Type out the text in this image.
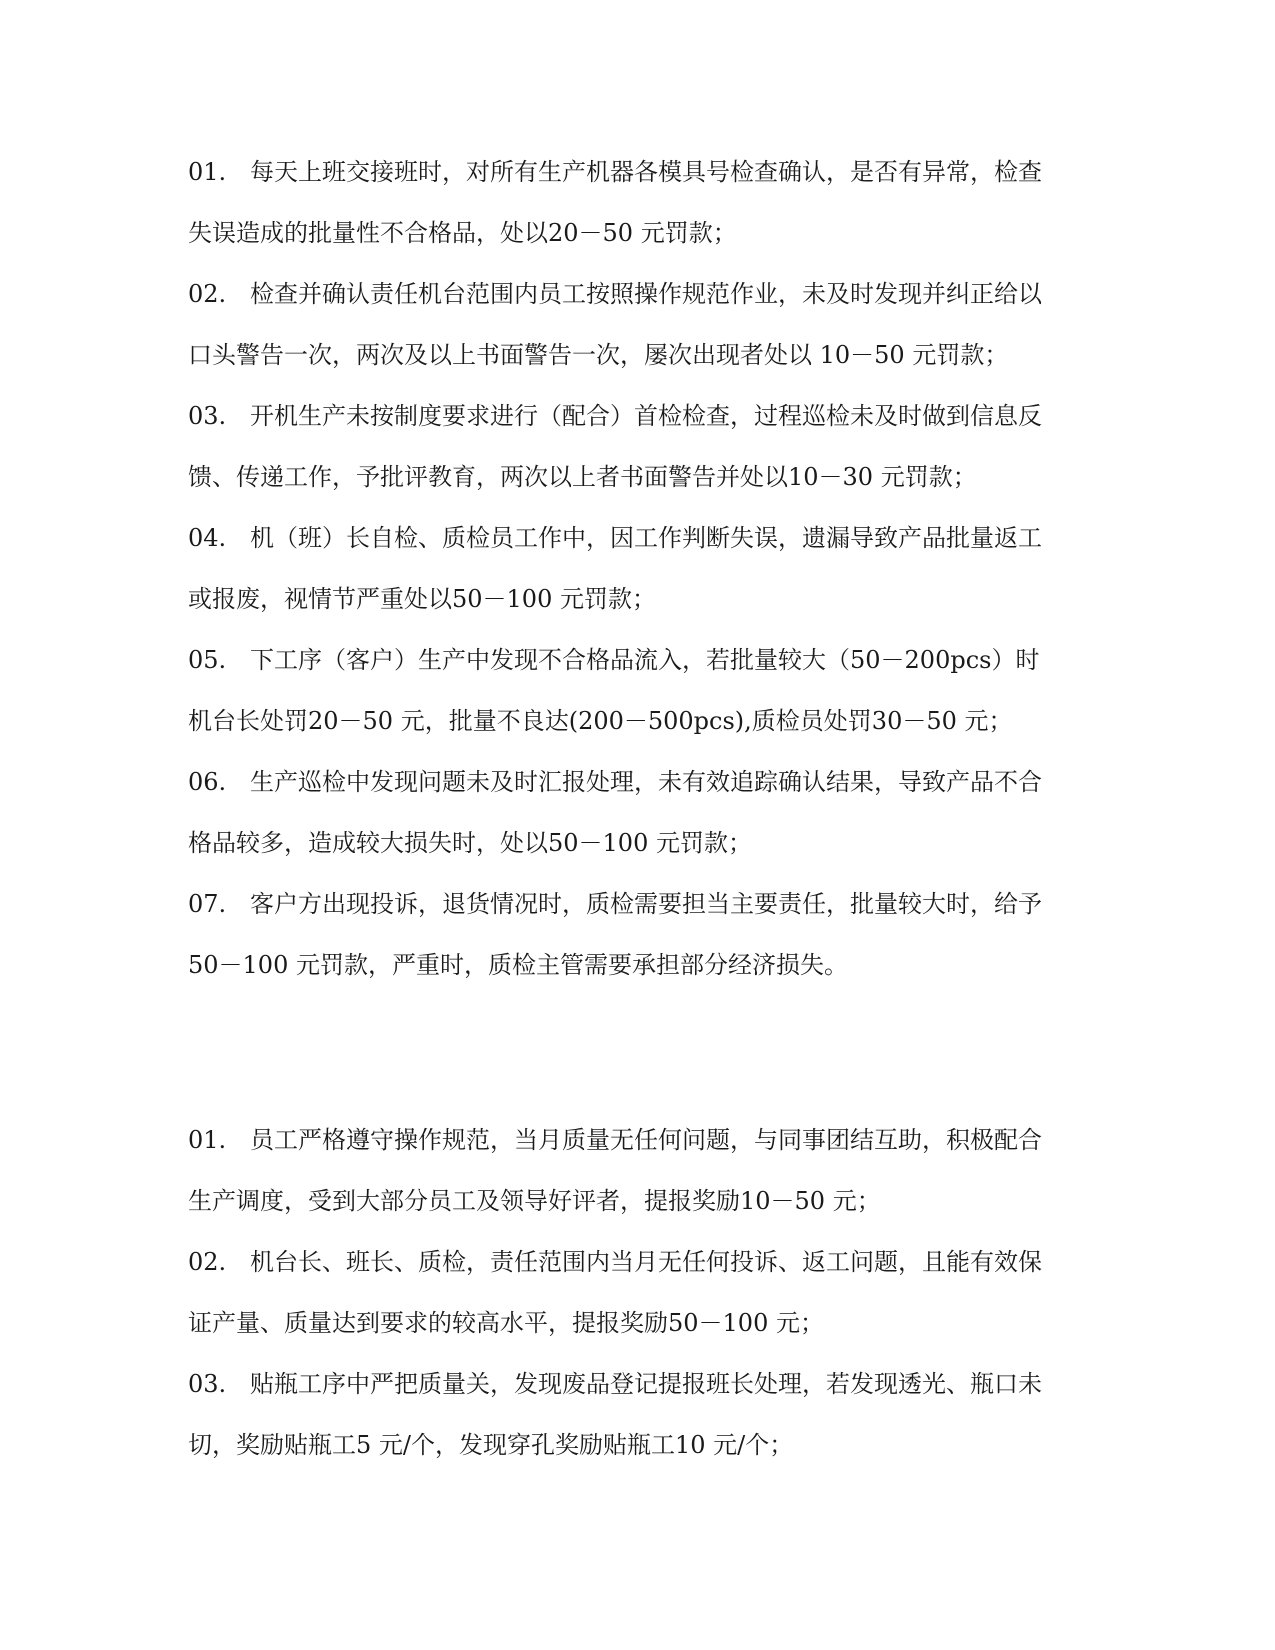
01. 每天上班交接班时，对所有生产机器各模具号检查确认，是否有异常，检查失误造成的批量性不合格品，处以20－50 元罚款；

02. 检查并确认责任机台范围内员工按照操作规范作业，未及时发现并纠正给以口头警告一次，两次及以上书面警告一次，屡次出现者处以 10－50 元罚款；

03. 开机生产未按制度要求进行（配合）首检检查，过程巡检未及时做到信息反馈、传递工作，予批评教育，两次以上者书面警告并处以10－30 元罚款；

04. 机（班）长自检、质检员工作中，因工作判断失误，遗漏导致产品批量返工或报废，视情节严重处以50－100 元罚款；

05. 下工序（客户）生产中发现不合格品流入，若批量较大（50－200pcs）时机台长处罚20－50 元，批量不良达(200－500pcs),质检员处罚30－50 元；

06. 生产巡检中发现问题未及时汇报处理，未有效追踪确认结果，导致产品不合格品较多，造成较大损失时，处以50－100 元罚款；

07. 客户方出现投诉，退货情况时，质检需要担当主要责任，批量较大时，给予50－100 元罚款，严重时，质检主管需要承担部分经济损失。

01. 员工严格遵守操作规范，当月质量无任何问题，与同事团结互助，积极配合生产调度，受到大部分员工及领导好评者，提报奖励10－50 元；

02. 机台长、班长、质检，责任范围内当月无任何投诉、返工问题，且能有效保证产量、质量达到要求的较高水平，提报奖励50－100 元；

03. 贴瓶工序中严把质量关，发现废品登记提报班长处理，若发现透光、瓶口未切，奖励贴瓶工5 元/个，发现穿孔奖励贴瓶工10 元/个；
